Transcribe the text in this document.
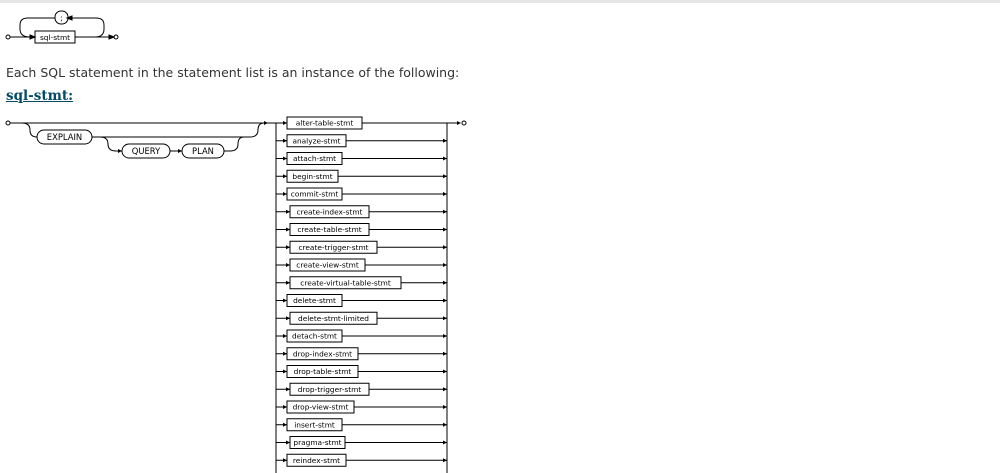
;
sql-stmt

Each SQL statement in the statement list is an instance of the following:

sql-stmt:
EXPLAIN
QUERY	PLAN
alter-table-stmt
analyze-stmt
attach-stmt
begin-stmt
commit-stmt
create-index-stmt
create-table-stmt
create-trigger-stmt
create-view-stmt
create-virtual-table-stmt
delete-stmt
delete-stmt-limited
detach-stmt
drop-index-stmt
drop-table-stmt
drop-trigger-stmt
drop-view-stmt
insert-stmt
pragma-stmt
reindex-stmt
